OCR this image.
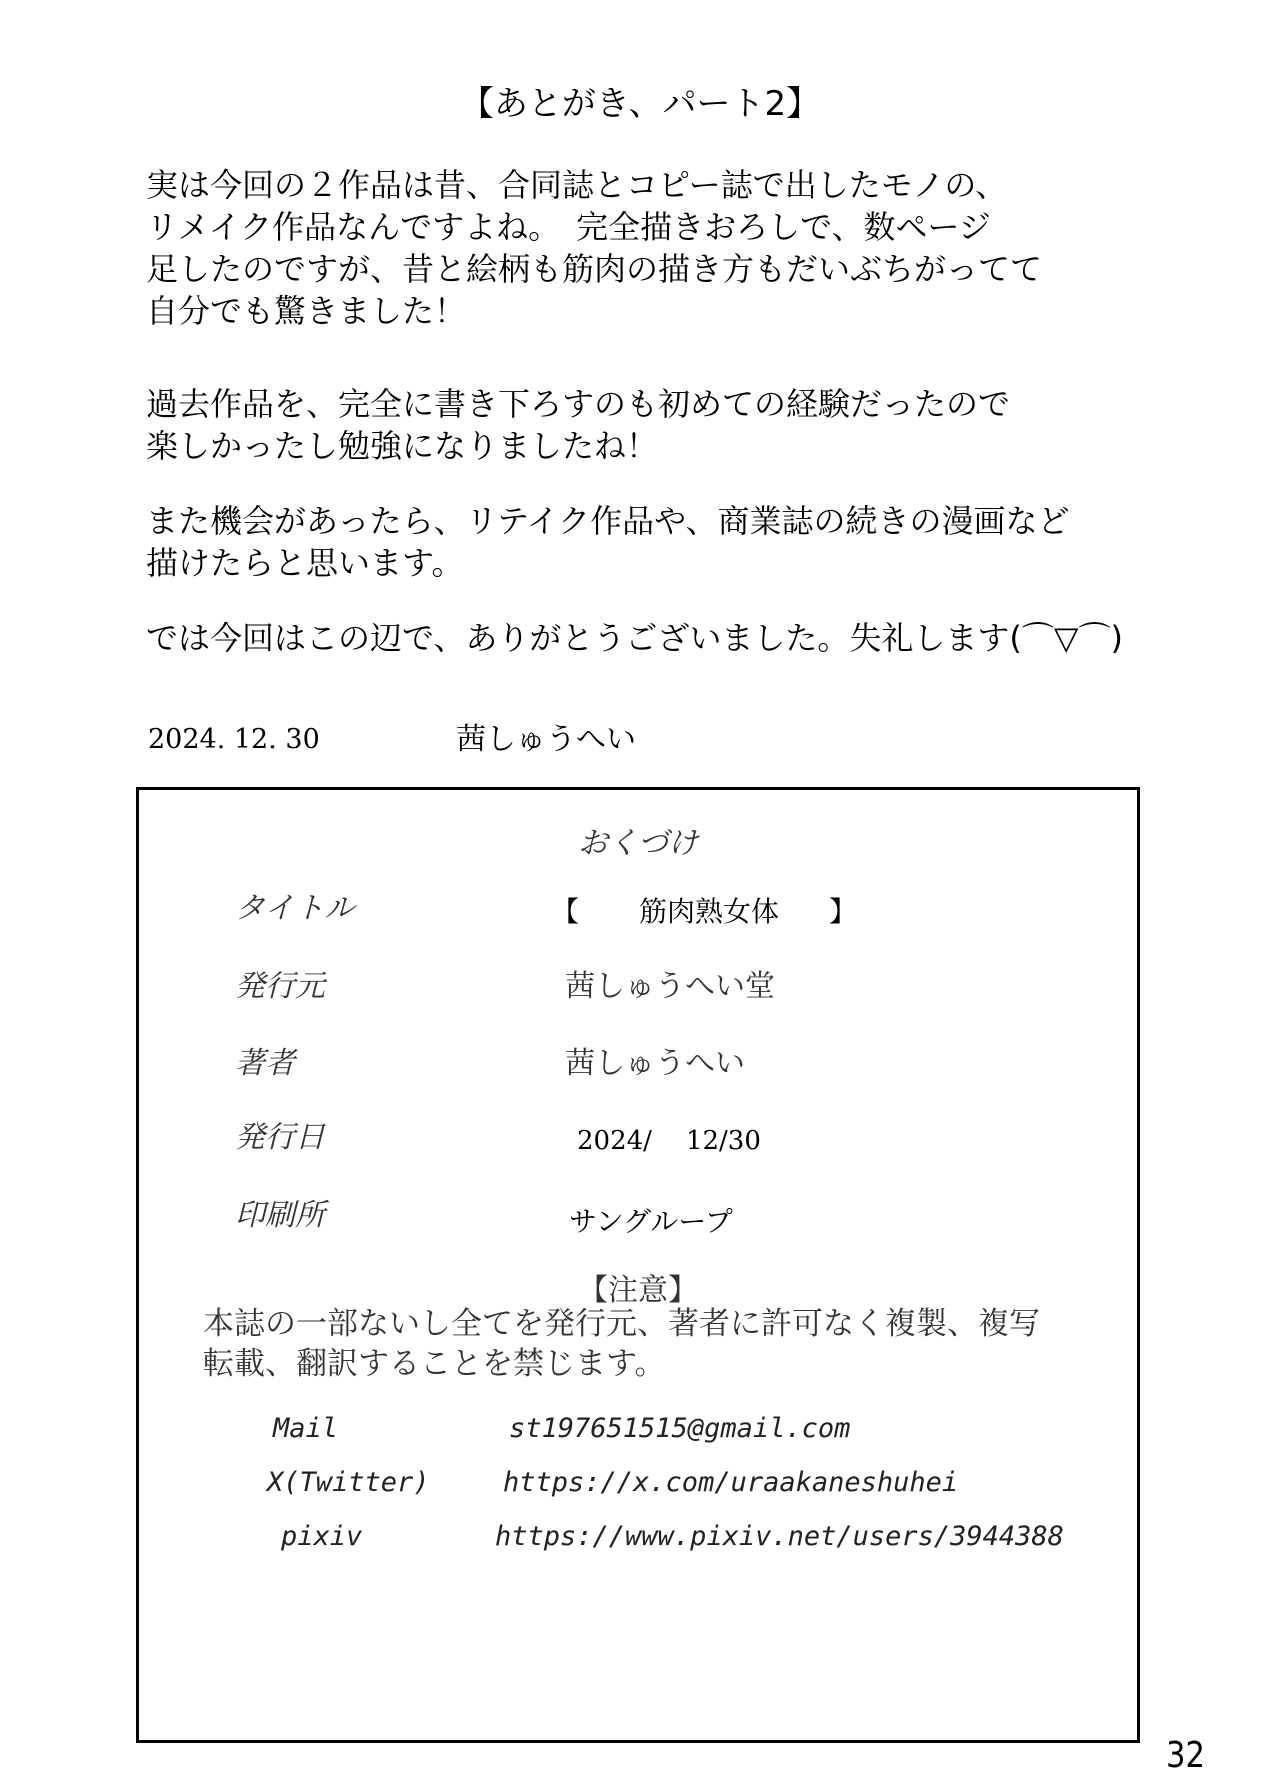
【あとがき、パート2】

実は今回の２作品は昔、合同誌とコピー誌で出したモノの、
リメイク作品なんですよね。　完全描きおろしで、数ページ
足したのですが、昔と絵柄も筋肉の描き方もだいぶちがってて
自分でも驚きました！

過去作品を、完全に書き下ろすのも初めての経験だったので
楽しかったし勉強になりましたね！

また機会があったら、リテイク作品や、商業誌の続きの漫画など
描けたらと思います。

では今回はこの辺で、ありがとうございました。失礼します(⌒▽⌒)

2024. 12. 30	茜しゅうへい
おくづけ
タイトル	【 筋肉熟女体 】
発行元	茜しゅうへい堂
著者	茜しゅうへい
発行日	2024/ 12/30
印刷所	サングループ
【注意】
本誌の一部ないし全てを発行元、著者に許可なく複製、複写
転載、翻訳することを禁じます。
Mail	st197651515@gmail.com
X(Twitter)	https://x.com/uraakaneshuhei
pixiv	https://www.pixiv.net/users/3944388
32
